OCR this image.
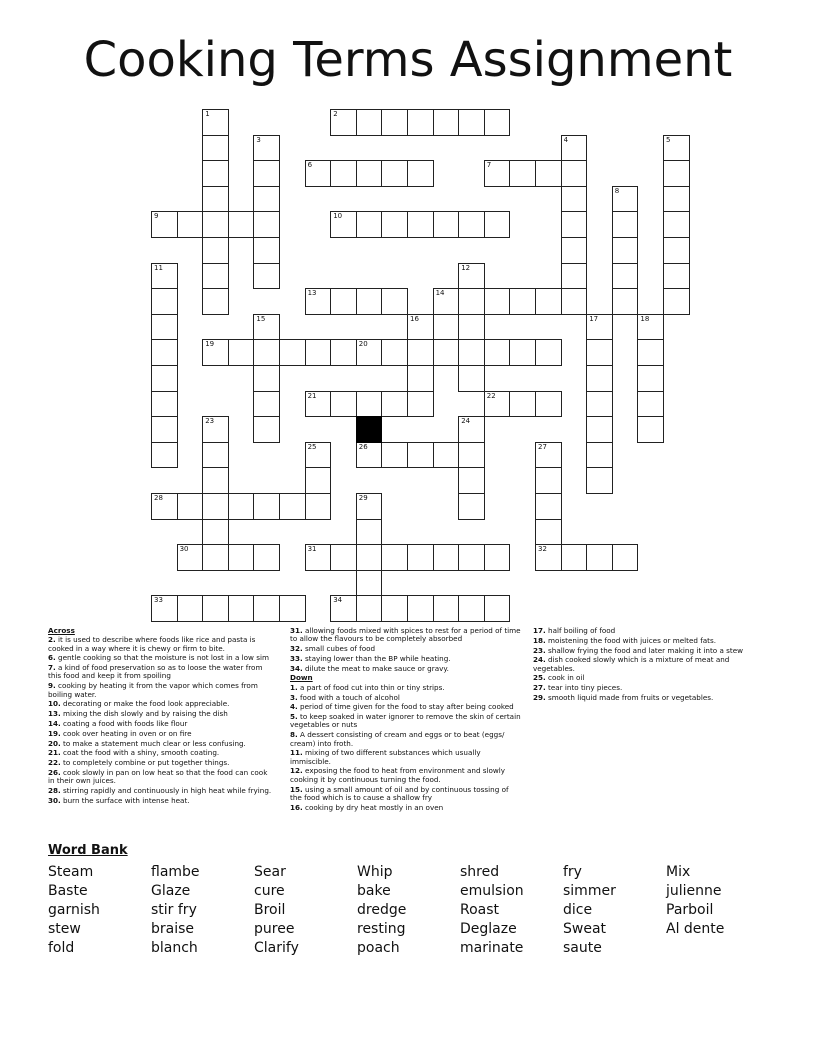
Cooking Terms Assignment
1	2
3	4	5
6	7
8
9	10
11	12
13	14
15	16	17	18
19	20
21	22
23	24
25	26	27
32
28	29
30	31
33	34
Across
2. it is used to describe where foods like rice and pasta is cooked in a way where it is chewy or firm to bite.
6. gentle cooking so that the moisture is not lost in a low sim
7. a kind of food preservation so as to loose the water from this food and keep it from spoiling
9. cooking by heating it from the vapor which comes from boiling water.
10. decorating or make the food look appreciable.
13. mixing the dish slowly and by raising the dish
14. coating a food with foods like flour
19. cook over heating in oven or on fire
20. to make a statement much clear or less confusing.
21. coat the food with a shiny, smooth coating.
22. to completely combine or put together things.
26. cook slowly in pan on low heat so that the food can cook in their own juices.
28. stirring rapidly and continuously in high heat while frying.
30. burn the surface with intense heat.
31. allowing foods mixed with spices to rest for a period of time to allow the flavours to be completely absorbed
32. small cubes of food
33. staying lower than the BP while heating.
34. dilute the meat to make sauce or gravy.
Down
1. a part of food cut into thin or tiny strips.
3. food with a touch of alcohol
4. period of time given for the food to stay after being cooked
5. to keep soaked in water ignorer to remove the skin of certain vegetables or nuts
8. A dessert consisting of cream and eggs or to beat (eggs/ cream) into froth.
11. mixing of two different substances which usually immiscible.
12. exposing the food to heat from environment and slowly cooking it by continuous turning the food.
15. using a small amount of oil and by continuous tossing of the food which is to cause a shallow fry
16. cooking by dry heat mostly in an oven
17. half boiling of food
18. moistening the food with juices or melted fats.
23. shallow frying the food and later making it into a stew
24. dish cooked slowly which is a mixture of meat and vegetables.
25. cook in oil
27. tear into tiny pieces.
29. smooth liquid made from fruits or vegetables.
Word Bank
Steam
Baste
garnish
stew
fold
flambe
Glaze
stir fry
braise
blanch
Sear
cure
Broil
puree
Clarify
Whip
bake
dredge
resting
poach
shred
emulsion
Roast
Deglaze
marinate
fry
simmer
dice
Sweat
saute
Mix
julienne
Parboil
Al dente
